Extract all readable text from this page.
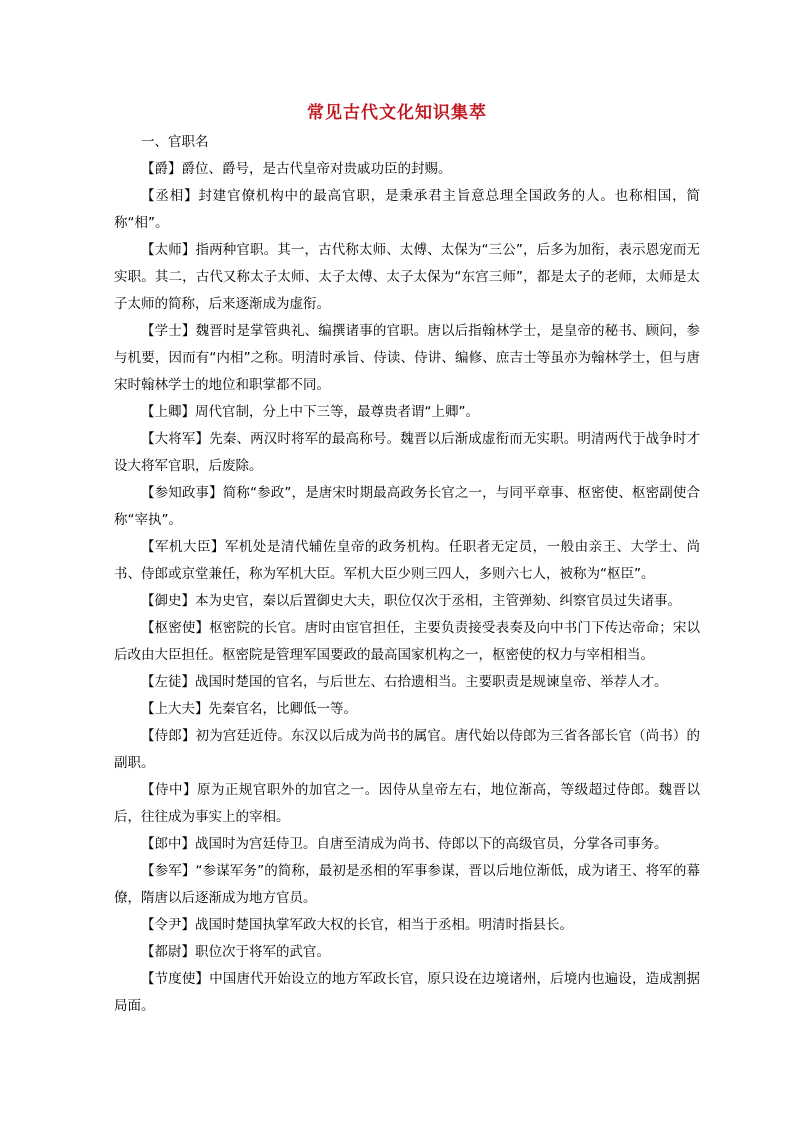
常见古代文化知识集萃

一、官职名

【爵】爵位、爵号，是古代皇帝对贵戚功臣的封赐。

【丞相】封建官僚机构中的最高官职，是秉承君主旨意总理全国政务的人。也称相国，简称“相”。

【太师】指两种官职。其一，古代称太师、太傅、太保为“三公”，后多为加衔，表示恩宠而无实职。其二，古代又称太子太师、太子太傅、太子太保为“东宫三师”，都是太子的老师，太师是太子太师的简称，后来逐渐成为虚衔。

【学士】魏晋时是掌管典礼、编撰诸事的官职。唐以后指翰林学士，是皇帝的秘书、顾问，参与机要，因而有“内相”之称。明清时承旨、侍读、侍讲、编修、庶吉士等虽亦为翰林学士，但与唐宋时翰林学士的地位和职掌都不同。

【上卿】周代官制，分上中下三等，最尊贵者谓“上卿”。

【大将军】先秦、两汉时将军的最高称号。魏晋以后渐成虚衔而无实职。明清两代于战争时才设大将军官职，后废除。

【参知政事】简称“参政”，是唐宋时期最高政务长官之一，与同平章事、枢密使、枢密副使合称“宰执”。

【军机大臣】军机处是清代辅佐皇帝的政务机构。任职者无定员，一般由亲王、大学士、尚书、侍郎或京堂兼任，称为军机大臣。军机大臣少则三四人，多则六七人，被称为“枢臣”。

【御史】本为史官，秦以后置御史大夫，职位仅次于丞相，主管弹劾、纠察官员过失诸事。

【枢密使】枢密院的长官。唐时由宦官担任，主要负责接受表奏及向中书门下传达帝命；宋以后改由大臣担任。枢密院是管理军国要政的最高国家机构之一，枢密使的权力与宰相相当。

【左徒】战国时楚国的官名，与后世左、右拾遗相当。主要职责是规谏皇帝、举荐人才。

【上大夫】先秦官名，比卿低一等。

【侍郎】初为宫廷近侍。东汉以后成为尚书的属官。唐代始以侍郎为三省各部长官（尚书）的副职。

【侍中】原为正规官职外的加官之一。因侍从皇帝左右，地位渐高，等级超过侍郎。魏晋以后，往往成为事实上的宰相。

【郎中】战国时为宫廷侍卫。自唐至清成为尚书、侍郎以下的高级官员，分掌各司事务。

【参军】“参谋军务”的简称，最初是丞相的军事参谋，晋以后地位渐低，成为诸王、将军的幕僚，隋唐以后逐渐成为地方官员。

【令尹】战国时楚国执掌军政大权的长官，相当于丞相。明清时指县长。

【都尉】职位次于将军的武官。

【节度使】中国唐代开始设立的地方军政长官，原只设在边境诸州，后境内也遍设，造成割据局面。
